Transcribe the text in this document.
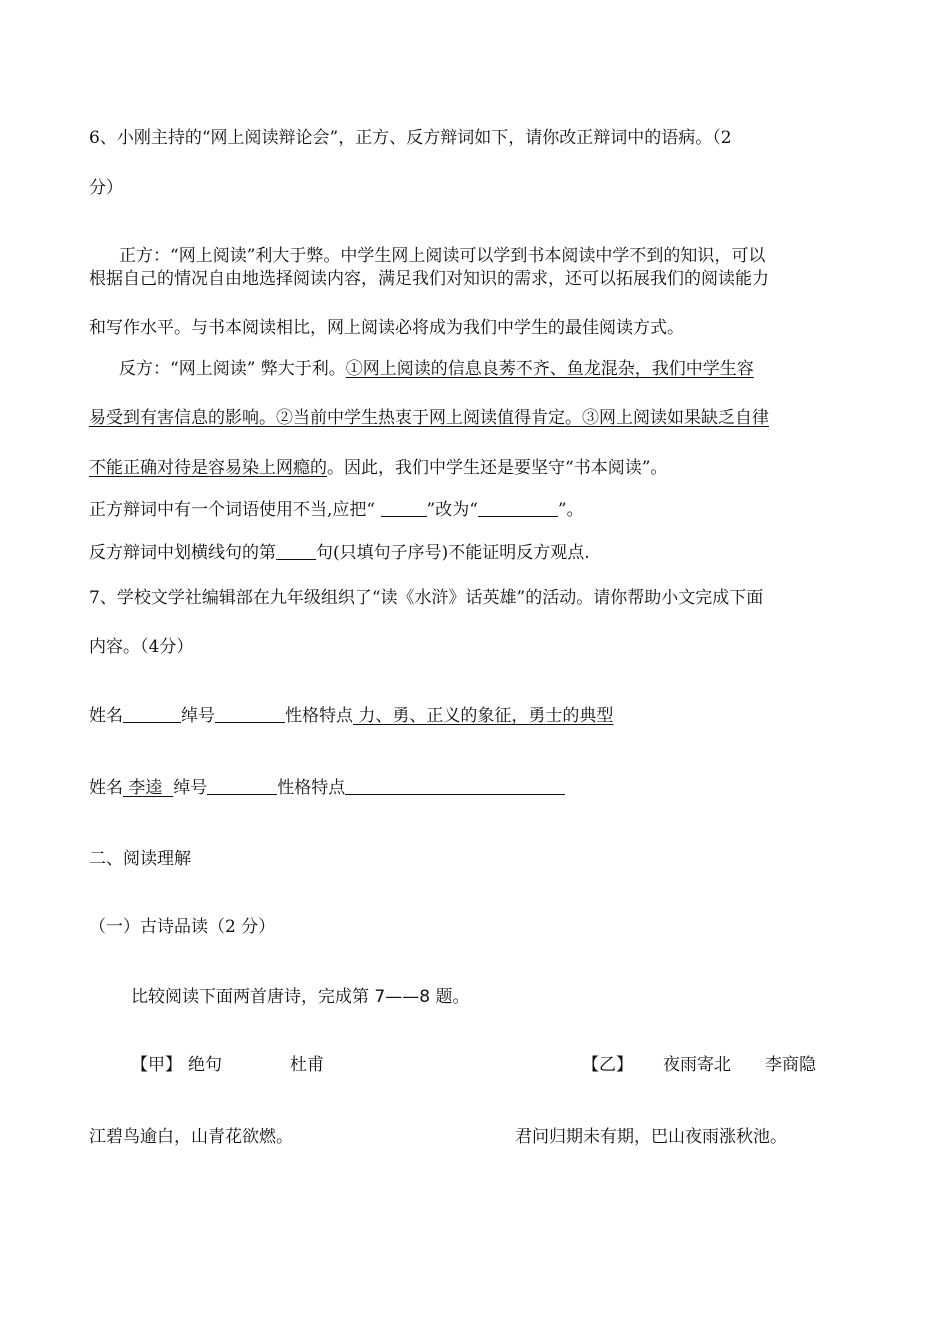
6、小刚主持的“网上阅读辩论会”，正方、反方辩词如下，请你改正辩词中的语病。（2
分）
正方：“网上阅读”利大于弊。中学生网上阅读可以学到书本阅读中学不到的知识，可以
根据自己的情况自由地选择阅读内容，满足我们对知识的需求，还可以拓展我们的阅读能力
和写作水平。与书本阅读相比，网上阅读必将成为我们中学生的最佳阅读方式。
反方：“网上阅读” 弊大于利。①网上阅读的信息良莠不齐、鱼龙混杂，我们中学生容
易受到有害信息的影响。②当前中学生热衷于网上阅读值得肯定。③网上阅读如果缺乏自律
不能正确对待是容易染上网瘾的。因此，我们中学生还是要坚守“书本阅读”。
正方辩词中有一个词语使用不当,应把“	”改为“	”。
反方辩词中划横线句的第 句(只填句子序号)不能证明反方观点.
7、学校文学社编辑部在九年级组织了“读《水浒》话英雄”的活动。请你帮助小文完成下面
内容。（4分）
姓名	绰号	性格特点 力、勇、正义的象征，勇士的典型
姓名 李逵  绰号	性格特点
二、阅读理解
（一）古诗品读（2 分）
比较阅读下面两首唐诗，完成第 7——8 题。
【甲】 绝句	杜甫	【乙】 夜雨寄北 李商隐
江碧鸟逾白，山青花欲燃。	君问归期未有期，巴山夜雨涨秋池。
